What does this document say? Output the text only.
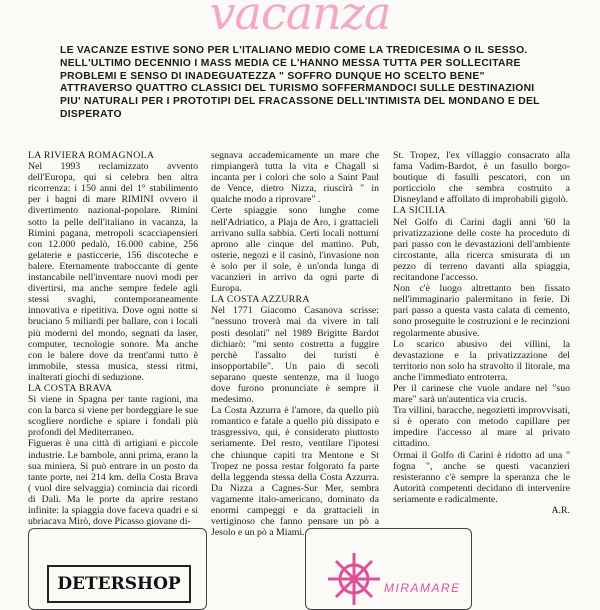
vacanza
LE VACANZE ESTIVE SONO PER L'ITALIANO MEDIO COME LA TREDICESIMA O IL SESSO. NELL'ULTIMO DECENNIO I MASS MEDIA CE L'HANNO MESSA TUTTA PER SOLLECITARE PROBLEMI E SENSO DI INADEGUATEZZA " SOFFRO DUNQUE HO SCELTO BENE" ATTRAVERSO QUATTRO CLASSICI DEL TURISMO SOFFERMANDOCI SULLE DESTINAZIONI PIU' NATURALI PER I PROTOTIPI DEL FRACASSONE DELL'INTIMISTA DEL MONDANO E DEL DISPERATO
LA RIVIERA ROMAGNOLA

Nel 1993 reclamizzato avvento dell'Europa, qui si celebra ben altra ricorrenza: i 150 anni del 1° stabilimento per i bagni di mare RIMINI ovvero il divertimento nazional-popolare. Rimini sotto la pelle dell'italiano in vacanza, la Rimini pagana, metropoli scacciapensieri con 12.000 pedalò, 16.000 cabine, 256 gelaterie e pasticcerie, 156 discoteche e balere. Eternamente traboccante di gente instancabile nell'inventare nuovi modi per divertirsi, ma anche sempre fedele agli stessi svaghi, contemporaneamente innovativa e ripetitiva. Dove ogni notte si bruciano 5 miliardi per ballare, con i locali più moderni del mondo, segnati da laser, computer, tecnologie sonore. Ma anche con le balere dove da trent'anni tutto è immobile, stessa musica, stessi ritmi, inalterati giochi di seduzione.

LA COSTA BRAVA

Si viene in Spagna per tante ragioni, ma con la barca si viene per bordeggiare le sue scogliere nordiche e spiare i fondali più profondi del Mediterraneo.

Figueras è una città di artigiani e piccole industrie. Le bambole, anni prima, erano la sua miniera. Si può entrare in un posto da tante porte, nei 214 km. della Costa Brava ( vuol dire selvaggia) comincia dai ricordi di Dalì. Ma le porte da aprire restano infinite: la spiaggia dove faceva quadri e si ubriacava Mirò, dove Picasso giovane di-

segnava accademicamente un mare che rimpiangerà tutta la vita e Chagall si incanta per i colori che solo a Saint Paul de Vence, dietro Nizza, riuscirà " in qualche modo a riprovare" .

Certe spiaggie sono lunghe come nell'Adriatico, a Plaja de Aro, i grattacieli arrivano sulla sabbia. Certi locali notturni aprono alle cinque del mattino. Pub, osterie, negozi e il casinò, l'invasione non è solo per il sole, è un'onda lunga di vacanzieri in arrivo da ogni parte di Europa.

LA COSTA AZZURRA

Nel 1771 Giacomo Casanova scrisse: "nessuno troverà mai da vivere in tali posti desolati" nel 1989 Brigitte Bardot dichiarò: "mi sento costretta a fuggire perchè l'assalto dei turisti è insopportabile". Un paio di secoli separano queste sentenze, ma il luogo dove furono pronunciate è sempre il medesimo.

La Costa Azzurra è l'amore, da quello più romantico e fatale a quello più dissipato e trasgressivo, qui, è considerato piuttosto seriamente. Del resto, ventilare l'ipotesi che chiunque capiti tra Mentone e St Tropez ne possa restar folgorato fa parte della leggenda stessa della Costa Azzurra. Da Nizza a Cagnes-Sur Mer, sembra vagamente italo-americano, dominato da enormi campeggi e da grattacieli in vertiginoso che fanno pensare un pò a Jesolo e un pò a Miami.

St. Tropez, l'ex villaggio consacrato alla fama Vadim-Bardot, è un fasullo borgo-boutique di fasulli pescatori, con un porticciolo che sembra costruito a Disneyland e affollato di improbabili gigolò.

LA SICILIA

Nel Golfo di Carini dagli anni '60 la privatizzazione delle coste ha proceduto di pari passo con le devastazioni dell'ambiente circostante, alla ricerca smisurata di un pezzo di terreno davanti alla spiaggia, recitandone l'accesso.

Non c'è luogo altrettanto ben fissato nell'immaginario palermitano in ferie. Di pari passo a questa vasta calata di cemento, sono proseguite le costruzioni e le recinzioni regolarmente abusive.

Lo scarico abusivo dei villini, la devastazione e la privatizzazione del territorio non solo ha stravolto il litorale, ma anche l'immediato entroterra.

Per il carinese che vuole andare nel "suo mare" sarà un'autentica via crucis.

Tra villini, baracche, negozietti improvvisati, si è operato con metodo capillare per impedire l'accesso al mare al privato cittadino.

Ormai il Golfo di Carini è ridotto ad una " fogna ", anche se questi vacanzieri resisteranno c'è sempre la speranza che le Autorità competenti decidano di intervenire seriamente e radicalmente.

A.R.

DETERSHOP	MIRAMARE
